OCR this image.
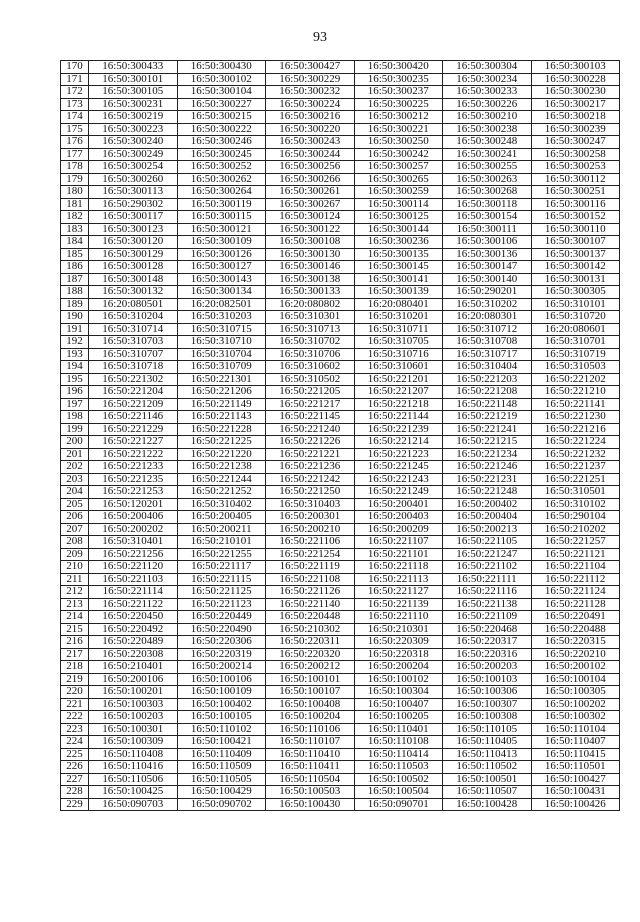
93
170	16:50:300433	16:50:300430	16:50:300427	16:50:300420	16:50:300304	16:50:300103
171	16:50:300101	16:50:300102	16:50:300229	16:50:300235	16:50:300234	16:50:300228
172	16:50:300105	16:50:300104	16:50:300232	16:50:300237	16:50:300233	16:50:300230
173	16:50:300231	16:50:300227	16:50:300224	16:50:300225	16:50:300226	16:50:300217
174	16:50:300219	16:50:300215	16:50:300216	16:50:300212	16:50:300210	16:50:300218
175	16:50:300223	16:50:300222	16:50:300220	16:50:300221	16:50:300238	16:50:300239
176	16:50:300240	16:50:300246	16:50:300243	16:50:300250	16:50:300248	16:50:300247
177	16:50:300249	16:50:300245	16:50:300244	16:50:300242	16:50:300241	16:50:300258
178	16:50:300254	16:50:300252	16:50:300256	16:50:300257	16:50:300255	16:50:300253
179	16:50:300260	16:50:300262	16:50:300266	16:50:300265	16:50:300263	16:50:300112
180	16:50:300113	16:50:300264	16:50:300261	16:50:300259	16:50:300268	16:50:300251
181	16:50:290302	16:50:300119	16:50:300267	16:50:300114	16:50:300118	16:50:300116
182	16:50:300117	16:50:300115	16:50:300124	16:50:300125	16:50:300154	16:50:300152
183	16:50:300123	16:50:300121	16:50:300122	16:50:300144	16:50:300111	16:50:300110
184	16:50:300120	16:50:300109	16:50:300108	16:50:300236	16:50:300106	16:50:300107
185	16:50:300129	16:50:300126	16:50:300130	16:50:300135	16:50:300136	16:50:300137
186	16:50:300128	16:50:300127	16:50:300146	16:50:300145	16:50:300147	16:50:300142
187	16:50:300148	16:50:300143	16:50:300138	16:50:300141	16:50:300140	16:50:300131
188	16:50:300132	16:50:300134	16:50:300133	16:50:300139	16:50:290201	16:50:300305
189	16:20:080501	16:20:082501	16:20:080802	16:20:080401	16:50:310202	16:50:310101
190	16:50:310204	16:50:310203	16:50:310301	16:50:310201	16:20:080301	16:50:310720
191	16:50:310714	16:50:310715	16:50:310713	16:50:310711	16:50:310712	16:20:080601
192	16:50:310703	16:50:310710	16:50:310702	16:50:310705	16:50:310708	16:50:310701
193	16:50:310707	16:50:310704	16:50:310706	16:50:310716	16:50:310717	16:50:310719
194	16:50:310718	16:50:310709	16:50:310602	16:50:310601	16:50:310404	16:50:310503
195	16:50:221302	16:50:221301	16:50:310502	16:50:221201	16:50:221203	16:50:221202
196	16:50:221204	16:50:221206	16:50:221205	16:50:221207	16:50:221208	16:50:221210
197	16:50:221209	16:50:221149	16:50:221217	16:50:221218	16:50:221148	16:50:221141
198	16:50:221146	16:50:221143	16:50:221145	16:50:221144	16:50:221219	16:50:221230
199	16:50:221229	16:50:221228	16:50:221240	16:50:221239	16:50:221241	16:50:221216
200	16:50:221227	16:50:221225	16:50:221226	16:50:221214	16:50:221215	16:50:221224
201	16:50:221222	16:50:221220	16:50:221221	16:50:221223	16:50:221234	16:50:221232
202	16:50:221233	16:50:221238	16:50:221236	16:50:221245	16:50:221246	16:50:221237
203	16:50:221235	16:50:221244	16:50:221242	16:50:221243	16:50:221231	16:50:221251
204	16:50:221253	16:50:221252	16:50:221250	16:50:221249	16:50:221248	16:50:310501
205	16:50:120201	16:50:310402	16:50:310403	16:50:200401	16:50:200402	16:50:310102
206	16:50:200406	16:50:200405	16:50:200301	16:50:200403	16:50:200404	16:50:290104
207	16:50:200202	16:50:200211	16:50:200210	16:50:200209	16:50:200213	16:50:210202
208	16:50:310401	16:50:210101	16:50:221106	16:50:221107	16:50:221105	16:50:221257
209	16:50:221256	16:50:221255	16:50:221254	16:50:221101	16:50:221247	16:50:221121
210	16:50:221120	16:50:221117	16:50:221119	16:50:221118	16:50:221102	16:50:221104
211	16:50:221103	16:50:221115	16:50:221108	16:50:221113	16:50:221111	16:50:221112
212	16:50:221114	16:50:221125	16:50:221126	16:50:221127	16:50:221116	16:50:221124
213	16:50:221122	16:50:221123	16:50:221140	16:50:221139	16:50:221138	16:50:221128
214	16:50:220450	16:50:220449	16:50:220448	16:50:221110	16:50:221109	16:50:220491
215	16:50:220492	16:50:220490	16:50:210302	16:50:210301	16:50:220468	16:50:220488
216	16:50:220489	16:50:220306	16:50:220311	16:50:220309	16:50:220317	16:50:220315
217	16:50:220308	16:50:220319	16:50:220320	16:50:220318	16:50:220316	16:50:220210
218	16:50:210401	16:50:200214	16:50:200212	16:50:200204	16:50:200203	16:50:200102
219	16:50:200106	16:50:100106	16:50:100101	16:50:100102	16:50:100103	16:50:100104
220	16:50:100201	16:50:100109	16:50:100107	16:50:100304	16:50:100306	16:50:100305
221	16:50:100303	16:50:100402	16:50:100408	16:50:100407	16:50:100307	16:50:100202
222	16:50:100203	16:50:100105	16:50:100204	16:50:100205	16:50:100308	16:50:100302
223	16:50:100301	16:50:110102	16:50:110106	16:50:110401	16:50:110105	16:50:110104
224	16:50:100309	16:50:100421	16:50:110107	16:50:110108	16:50:110405	16:50:110407
225	16:50:110408	16:50:110409	16:50:110410	16:50:110414	16:50:110413	16:50:110415
226	16:50:110416	16:50:110509	16:50:110411	16:50:110503	16:50:110502	16:50:110501
227	16:50:110506	16:50:110505	16:50:110504	16:50:100502	16:50:100501	16:50:100427
228	16:50:100425	16:50:100429	16:50:100503	16:50:100504	16:50:110507	16:50:100431
229	16:50:090703	16:50:090702	16:50:100430	16:50:090701	16:50:100428	16:50:100426
